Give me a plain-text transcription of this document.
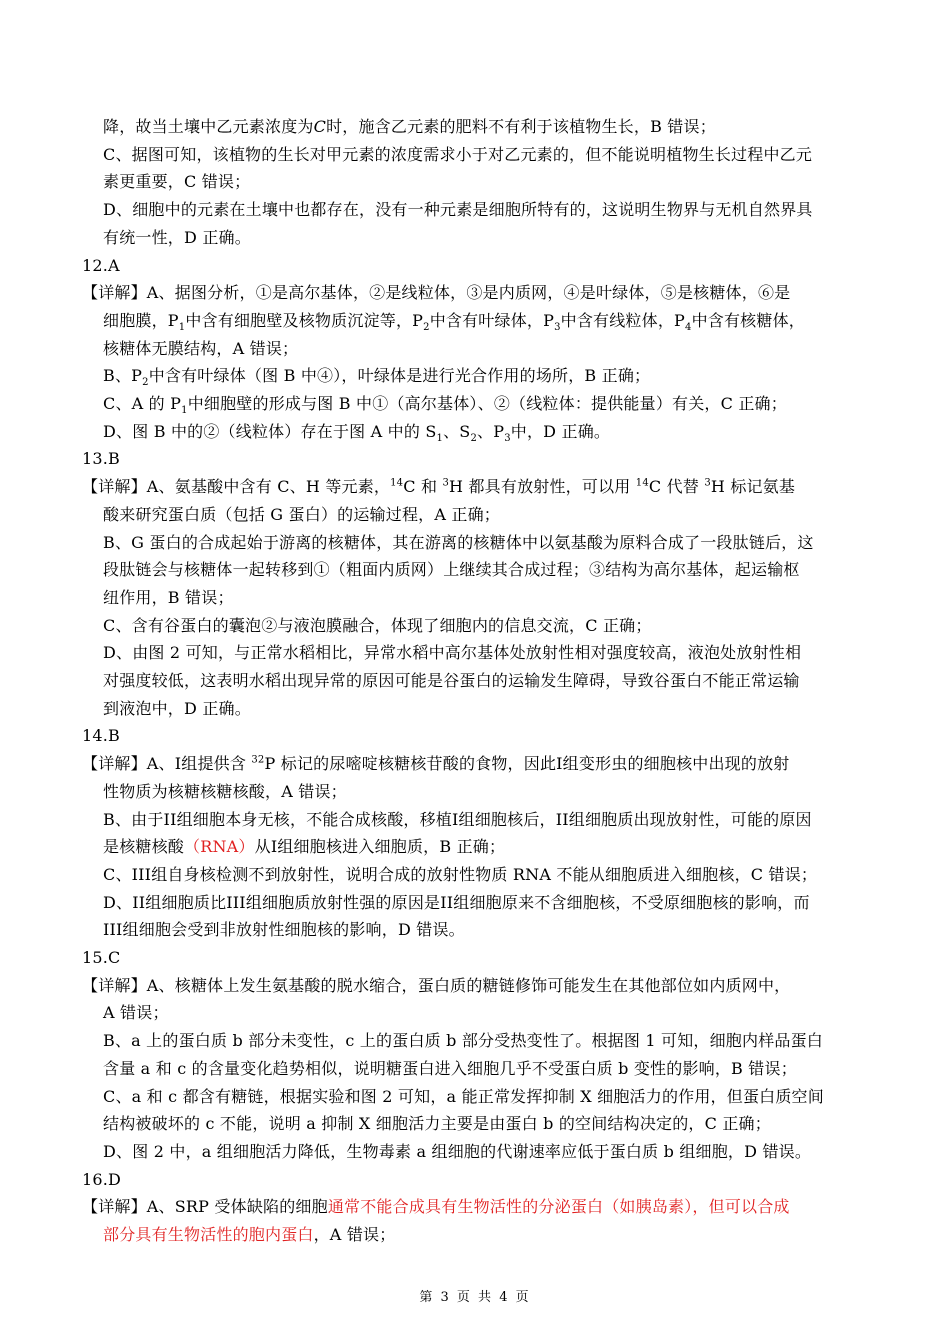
降，故当土壤中乙元素浓度为C时，施含乙元素的肥料不有利于该植物生长，B 错误；
C、据图可知，该植物的生长对甲元素的浓度需求小于对乙元素的，但不能说明植物生长过程中乙元
素更重要，C 错误；
D、细胞中的元素在土壤中也都存在，没有一种元素是细胞所特有的，这说明生物界与无机自然界具
有统一性，D 正确。
12.A
【详解】A、据图分析，①是高尔基体，②是线粒体，③是内质网，④是叶绿体，⑤是核糖体，⑥是
细胞膜，$P_1$中含有细胞壁及核物质沉淀等，$P_2$中含有叶绿体，$P_3$中含有线粒体，$P_4$中含有核糖体，
核糖体无膜结构，A 错误；
B、$P_2$中含有叶绿体（图 B 中④），叶绿体是进行光合作用的场所，B 正确；
C、A 的 $P_1$中细胞壁的形成与图 B 中①（高尔基体）、②（线粒体：提供能量）有关，C 正确；
D、图 B 中的②（线粒体）存在于图 A 中的 $S_1$、$S_2$、$P_3$中，D 正确。
13.B
【详解】A、氨基酸中含有 C、H 等元素，$^{14}$C 和 $^3$H 都具有放射性，可以用 $^{14}$C 代替 $^3$H 标记氨基
酸来研究蛋白质（包括 G 蛋白）的运输过程，A 正确；
B、G 蛋白的合成起始于游离的核糖体，其在游离的核糖体中以氨基酸为原料合成了一段肽链后，这
段肽链会与核糖体一起转移到①（粗面内质网）上继续其合成过程；③结构为高尔基体，起运输枢
纽作用，B 错误；
C、含有谷蛋白的囊泡②与液泡膜融合，体现了细胞内的信息交流，C 正确；
D、由图 2 可知，与正常水稻相比，异常水稻中高尔基体处放射性相对强度较高，液泡处放射性相
对强度较低，这表明水稻出现异常的原因可能是谷蛋白的运输发生障碍，导致谷蛋白不能正常运输
到液泡中，D 正确。
14.B
【详解】A、I组提供含 $^{32}$P 标记的尿嘧啶核糖核苷酸的食物，因此I组变形虫的细胞核中出现的放射
性物质为核糖核糖核酸，A 错误；
B、由于II组细胞本身无核，不能合成核酸，移植I组细胞核后，II组细胞质出现放射性，可能的原因
是核糖核酸（RNA）从I组细胞核进入细胞质，B 正确；
C、III组自身核检测不到放射性，说明合成的放射性物质 RNA 不能从细胞质进入细胞核，C 错误；
D、II组细胞质比III组细胞质放射性强的原因是II组细胞原来不含细胞核，不受原细胞核的影响，而
III组细胞会受到非放射性细胞核的影响，D 错误。
15.C
【详解】A、核糖体上发生氨基酸的脱水缩合，蛋白质的糖链修饰可能发生在其他部位如内质网中，
A 错误；
B、a 上的蛋白质 b 部分未变性，c 上的蛋白质 b 部分受热变性了。根据图 1 可知，细胞内样品蛋白
含量 a 和 c 的含量变化趋势相似，说明糖蛋白进入细胞几乎不受蛋白质 b 变性的影响，B 错误；
C、a 和 c 都含有糖链，根据实验和图 2 可知，a 能正常发挥抑制 X 细胞活力的作用，但蛋白质空间
结构被破坏的 c 不能，说明 a 抑制 X 细胞活力主要是由蛋白 b 的空间结构决定的，C 正确；
D、图 2 中，a 组细胞活力降低，生物毒素 a 组细胞的代谢速率应低于蛋白质 b 组细胞，D 错误。
16.D
【详解】A、SRP 受体缺陷的细胞通常不能合成具有生物活性的分泌蛋白（如胰岛素），但可以合成
部分具有生物活性的胞内蛋白，A 错误；
第 3 页 共 4 页
